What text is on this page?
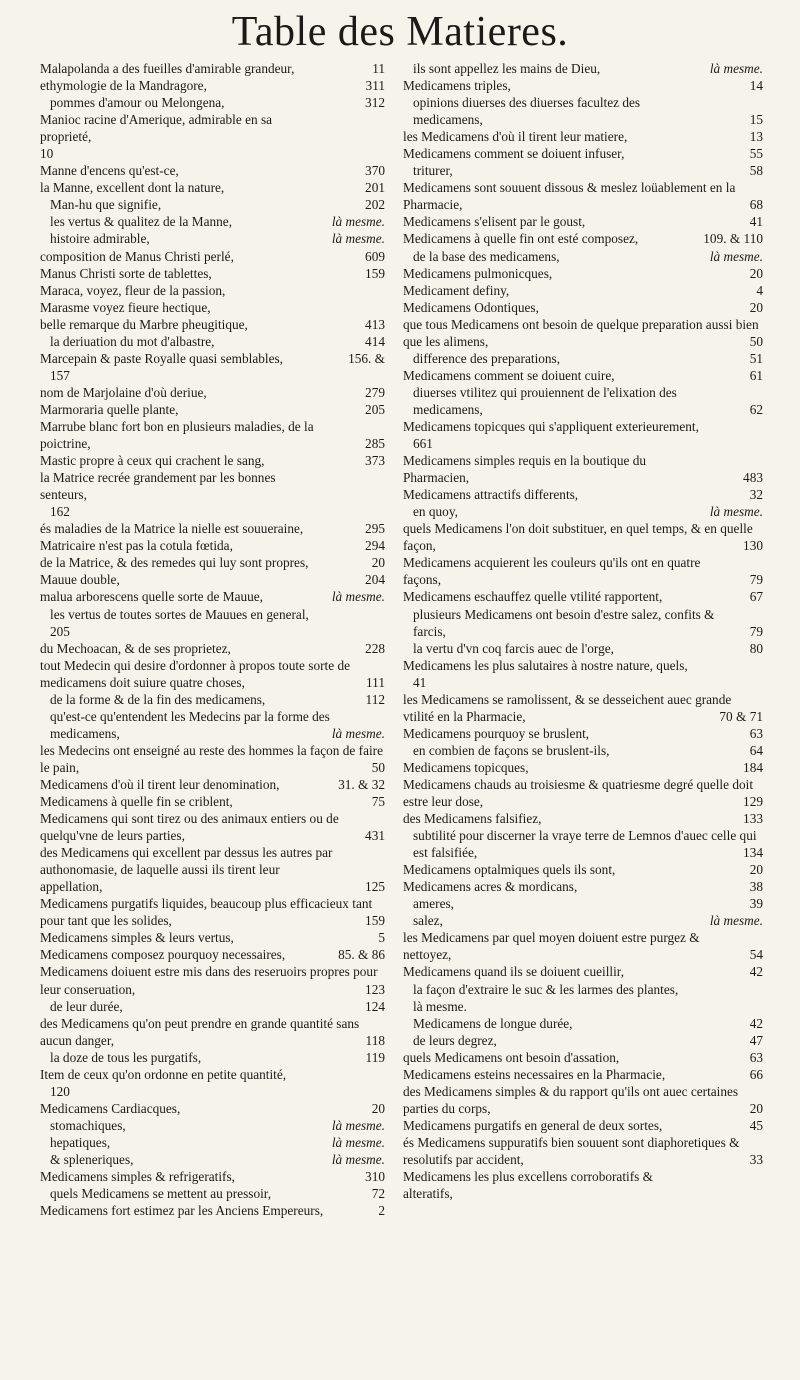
Table des Matieres.
Malapolanda a des fueilles d'amirable grandeur,	11
ethymologie de la Mandragore,	311
pommes d'amour ou Melongena,	312
Manioc racine d'Amerique, admirable en sa proprieté,
10
Manne d'encens qu'est-ce,	370
la Manne, excellent dont la nature,	201
Man-hu que signifie,	202
les vertus & qualitez de la Manne,	là mesme.
histoire admirable,	là mesme.
composition de Manus Christi perlé,	609
Manus Christi sorte de tablettes,	159
Maraca, voyez, fleur de la passion,
Marasme voyez fieure hectique,
belle remarque du Marbre pheugitique,	413
la deriuation du mot d'albastre,	414
Marcepain & paste Royalle quasi semblables,	156. &
157
nom de Marjolaine d'où deriue,	279
Marmoraria quelle plante,	205
Marrube blanc fort bon en plusieurs maladies, de la poictrine,	285
Mastic propre à ceux qui crachent le sang,	373
la Matrice recrée grandement par les bonnes senteurs,
162
és maladies de la Matrice la nielle est souueraine,	295
Matricaire n'est pas la cotula fœtida,	294
de la Matrice, & des remedes qui luy sont propres,	20
Mauue double,	204
malua arborescens quelle sorte de Mauue,	là mesme.
les vertus de toutes sortes de Mauues en general,
205
du Mechoacan, & de ses proprietez,	228
tout Medecin qui desire d'ordonner à propos toute sorte de medicamens doit suiure quatre choses,	111
de la forme & de la fin des medicamens,	112
qu'est-ce qu'entendent les Medecins par la forme des medicamens,	là mesme.
les Medecins ont enseigné au reste des hommes la façon de faire le pain,	50
Medicamens d'où il tirent leur denomination,	31. & 32
Medicamens à quelle fin se criblent,	75
Medicamens qui sont tirez ou des animaux entiers ou de quelqu'vne de leurs parties,	431
des Medicamens qui excellent par dessus les autres par authonomasie, de laquelle aussi ils tirent leur appellation,	125
Medicamens purgatifs liquides, beaucoup plus efficacieux tant pour tant que les solides,	159
Medicamens simples & leurs vertus,	5
Medicamens composez pourquoy necessaires,	85. & 86
Medicamens doiuent estre mis dans des reseruoirs propres pour leur conseruation,	123
de leur durée,	124
des Medicamens qu'on peut prendre en grande quantité sans aucun danger,	118
la doze de tous les purgatifs,	119
Item de ceux qu'on ordonne en petite quantité,
120
Medicamens Cardiacques,	20
stomachiques,	là mesme.
hepatiques,	là mesme.
& spleneriques,	là mesme.
Medicamens simples & refrigeratifs,	310
quels Medicamens se mettent au pressoir,	72
Medicamens fort estimez par les Anciens Empereurs,	2
ils sont appellez les mains de Dieu,	là mesme.
Medicamens triples,	14
opinions diuerses des diuerses facultez des medicamens,	15
les Medicamens d'où il tirent leur matiere,	13
Medicamens comment se doiuent infuser,	55
triturer,	58
Medicamens sont souuent dissous & meslez loüablement en la Pharmacie,	68
Medicamens s'elisent par le goust,	41
Medicamens à quelle fin ont esté composez,	109. & 110
de la base des medicamens,	là mesme.
Medicamens pulmonicques,	20
Medicament definy,	4
Medicamens Odontiques,	20
que tous Medicamens ont besoin de quelque preparation aussi bien que les alimens,	50
difference des preparations,	51
Medicamens comment se doiuent cuire,	61
diuerses vtilitez qui prouiennent de l'elixation des medicamens,	62
Medicamens topicques qui s'appliquent exterieurement,
661
Medicamens simples requis en la boutique du Pharmacien,	483
Medicamens attractifs differents,	32
en quoy,	là mesme.
quels Medicamens l'on doit substituer, en quel temps, & en quelle façon,	130
Medicamens acquierent les couleurs qu'ils ont en quatre façons,	79
Medicamens eschauffez quelle vtilité rapportent,	67
plusieurs Medicamens ont besoin d'estre salez, confits & farcis,	79
la vertu d'vn coq farcis auec de l'orge,	80
Medicamens les plus salutaires à nostre nature, quels,
41
les Medicamens se ramolissent, & se desseichent auec grande vtilité en la Pharmacie,	70 & 71
Medicamens pourquoy se bruslent,	63
en combien de façons se bruslent-ils,	64
Medicamens topicques,	184
Medicamens chauds au troisiesme & quatriesme degré quelle doit estre leur dose,	129
des Medicamens falsifiez,	133
subtilité pour discerner la vraye terre de Lemnos d'auec celle qui est falsifiée,	134
Medicamens optalmiques quels ils sont,	20
Medicamens acres & mordicans,	38
ameres,	39
salez,	là mesme.
les Medicamens par quel moyen doiuent estre purgez & nettoyez,	54
Medicamens quand ils se doiuent cueillir,	42
la façon d'extraire le suc & les larmes des plantes,
là mesme.
Medicamens de longue durée,	42
de leurs degrez,	47
quels Medicamens ont besoin d'assation,	63
Medicamens esteins necessaires en la Pharmacie,	66
des Medicamens simples & du rapport qu'ils ont auec certaines parties du corps,	20
Medicamens purgatifs en general de deux sortes,	45
és Medicamens suppuratifs bien souuent sont diaphoretiques & resolutifs par accident,	33
Medicamens les plus excellens corroboratifs & alteratifs,
